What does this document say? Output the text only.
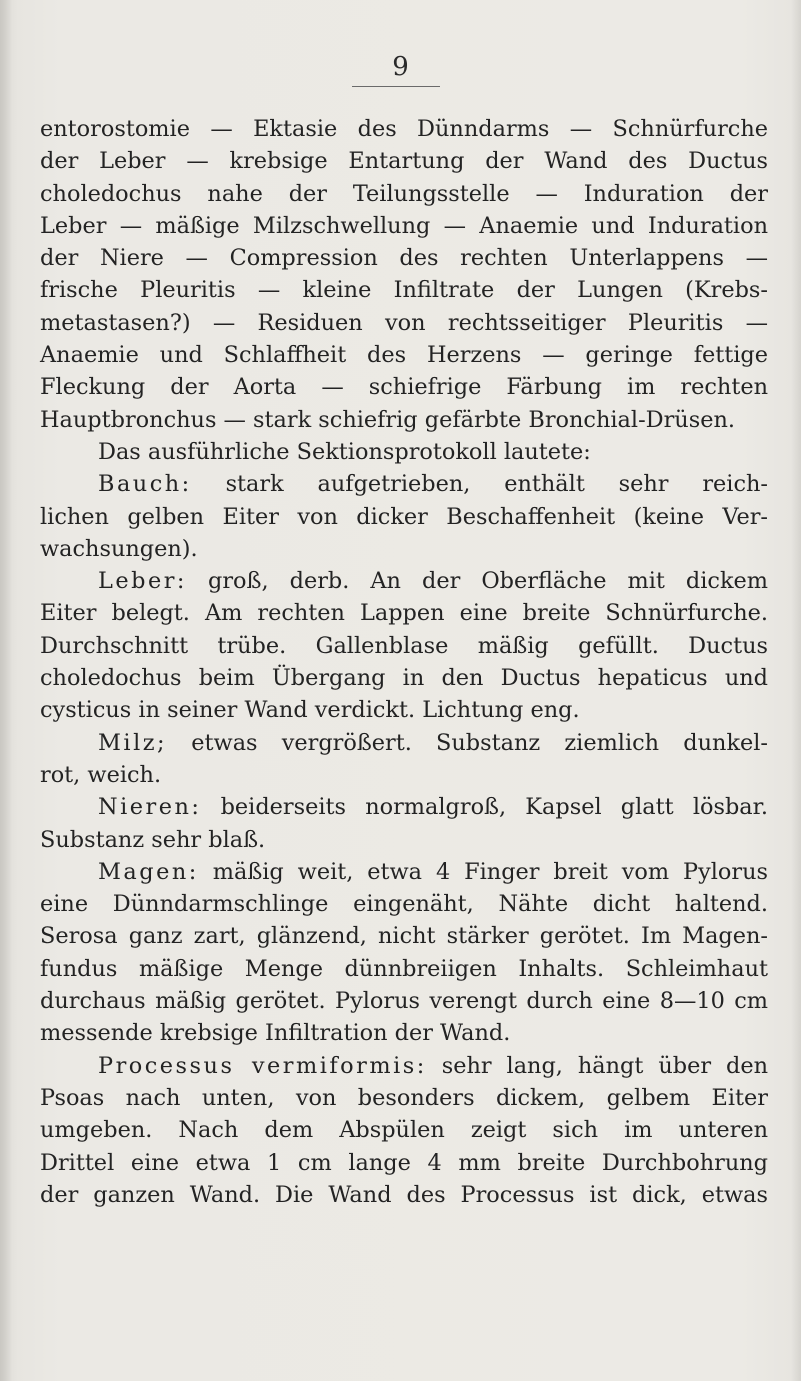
9
entorostomie — Ektasie des Dünndarms — Schnürfurche
der Leber — krebsige Entartung der Wand des Ductus
choledochus nahe der Teilungsstelle — Induration der
Leber — mäßige Milzschwellung — Anaemie und Induration
der Niere — Compression des rechten Unterlappens —
frische Pleuritis — kleine Infiltrate der Lungen (Krebs-
metastasen?) — Residuen von rechtsseitiger Pleuritis —
Anaemie und Schlaffheit des Herzens — geringe fettige
Fleckung der Aorta — schiefrige Färbung im rechten
Hauptbronchus — stark schiefrig gefärbte Bronchial-Drüsen.
Das ausführliche Sektionsprotokoll lautete:
Bauch: stark aufgetrieben, enthält sehr reich-
lichen gelben Eiter von dicker Beschaffenheit (keine Ver-
wachsungen).
Leber: groß, derb. An der Oberfläche mit dickem
Eiter belegt. Am rechten Lappen eine breite Schnürfurche.
Durchschnitt trübe. Gallenblase mäßig gefüllt. Ductus
choledochus beim Übergang in den Ductus hepaticus und
cysticus in seiner Wand verdickt. Lichtung eng.
Milz; etwas vergrößert. Substanz ziemlich dunkel-
rot, weich.
Nieren: beiderseits normalgroß, Kapsel glatt lösbar.
Substanz sehr blaß.
Magen: mäßig weit, etwa 4 Finger breit vom Pylorus
eine Dünndarmschlinge eingenäht, Nähte dicht haltend.
Serosa ganz zart, glänzend, nicht stärker gerötet. Im Magen-
fundus mäßige Menge dünnbreiigen Inhalts. Schleimhaut
durchaus mäßig gerötet. Pylorus verengt durch eine 8—10 cm
messende krebsige Infiltration der Wand.
Processus vermiformis: sehr lang, hängt über den
Psoas nach unten, von besonders dickem, gelbem Eiter
umgeben. Nach dem Abspülen zeigt sich im unteren
Drittel eine etwa 1 cm lange 4 mm breite Durchbohrung
der ganzen Wand. Die Wand des Processus ist dick, etwas
